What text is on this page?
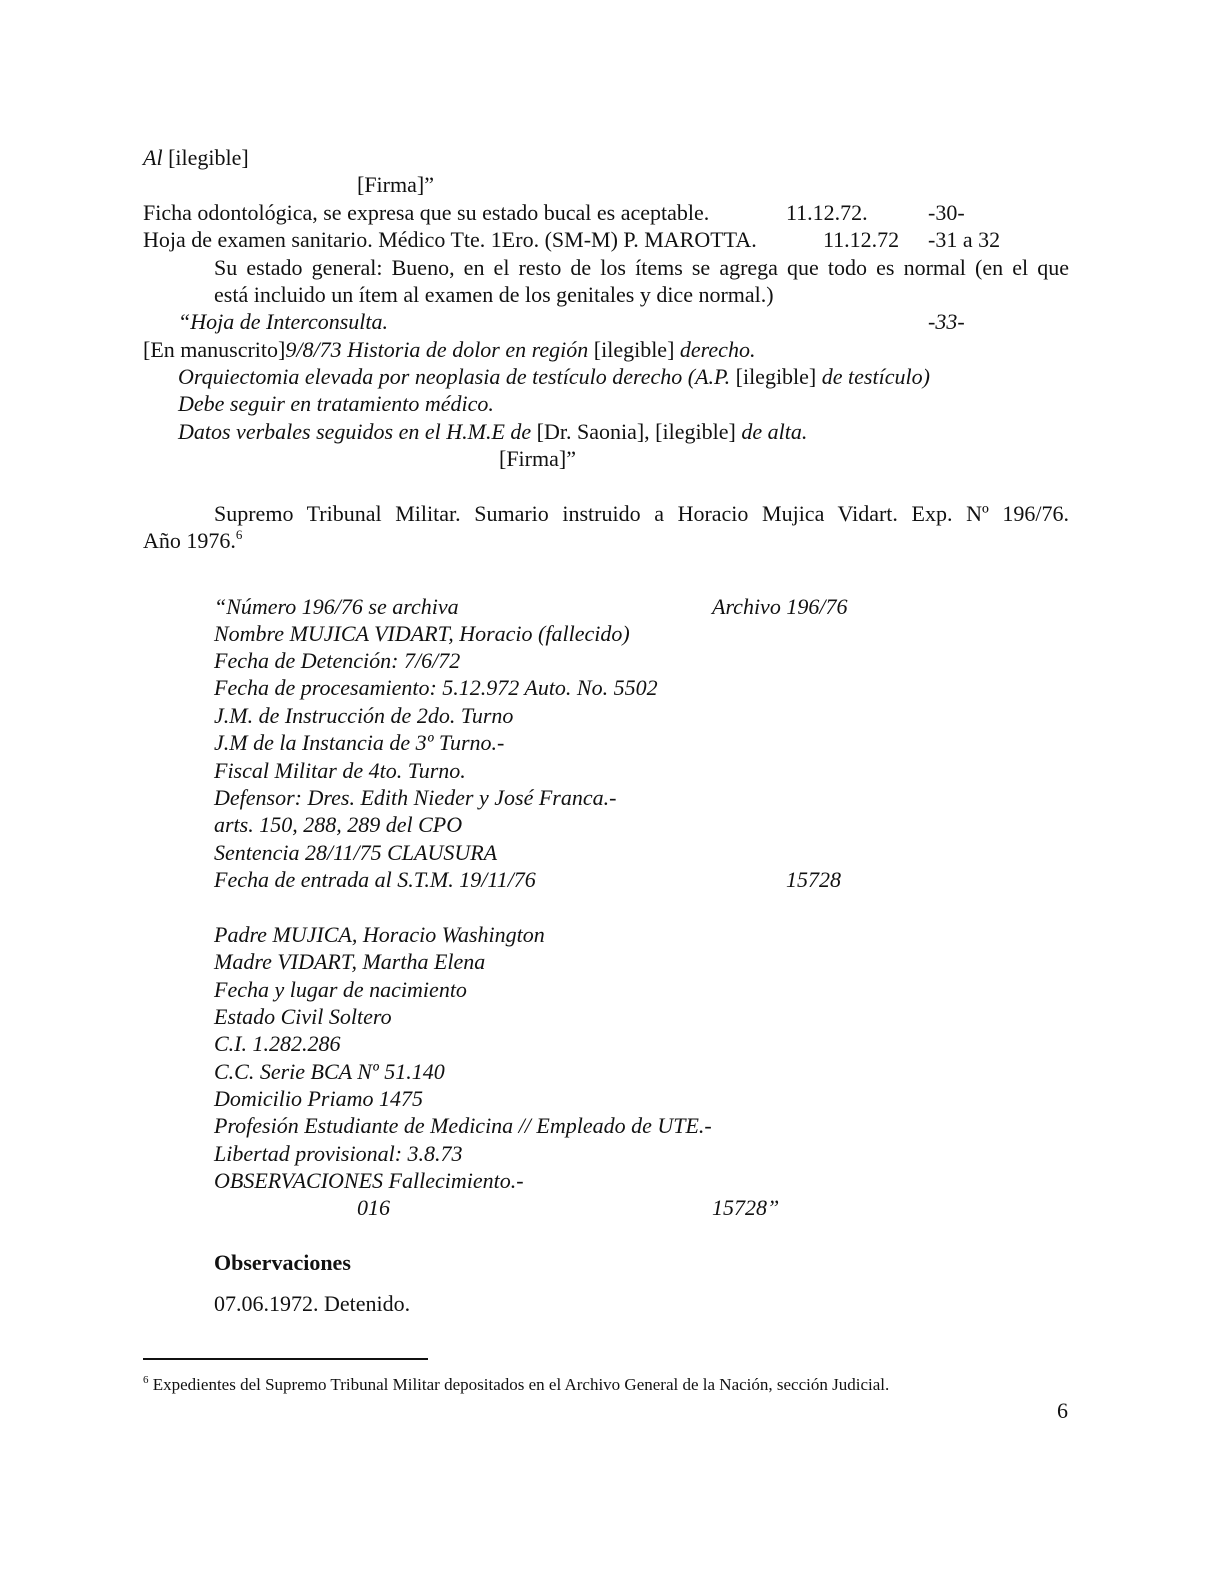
Al [ilegible]
[Firma]”
Ficha odontológica, se expresa que su estado bucal es aceptable.	11.12.72.	-30-
Hoja de examen sanitario. Médico Tte. 1Ero. (SM-M) P. MAROTTA.	11.12.72 -31 a 32
Su estado general: Bueno, en el resto de los ítems se agrega que todo es normal (en el que
está incluido un ítem al examen de los genitales y dice normal.)
“Hoja de Interconsulta.	-33-
[En manuscrito]9/8/73 Historia de dolor en región [ilegible] derecho.
Orquiectomia elevada por neoplasia de testículo derecho (A.P. [ilegible] de testículo)
Debe seguir en tratamiento médico.
Datos verbales seguidos en el H.M.E de [Dr. Saonia], [ilegible] de alta.
[Firma]”
Supremo Tribunal Militar. Sumario instruido a Horacio Mujica Vidart. Exp. Nº 196/76.
Año 1976.$^6$
“Número 196/76 se archiva	Archivo 196/76
Nombre MUJICA VIDART, Horacio (fallecido)
Fecha de Detención: 7/6/72
Fecha de procesamiento: 5.12.972 Auto. No. 5502
J.M. de Instrucción de 2do. Turno
J.M de la Instancia de 3º Turno.-
Fiscal Militar de 4to. Turno.
Defensor: Dres. Edith Nieder y José Franca.-
arts. 150, 288, 289 del CPO
Sentencia 28/11/75 CLAUSURA
Fecha de entrada al S.T.M. 19/11/76	15728
Padre MUJICA, Horacio Washington
Madre VIDART, Martha Elena
Fecha y lugar de nacimiento
Estado Civil Soltero
C.I. 1.282.286
C.C. Serie BCA Nº 51.140
Domicilio Priamo 1475
Profesión Estudiante de Medicina // Empleado de UTE.-
Libertad provisional: 3.8.73
OBSERVACIONES Fallecimiento.-
016	15728”
Observaciones
07.06.1972. Detenido.
$^6$ Expedientes del Supremo Tribunal Militar depositados en el Archivo General de la Nación, sección Judicial.
6
